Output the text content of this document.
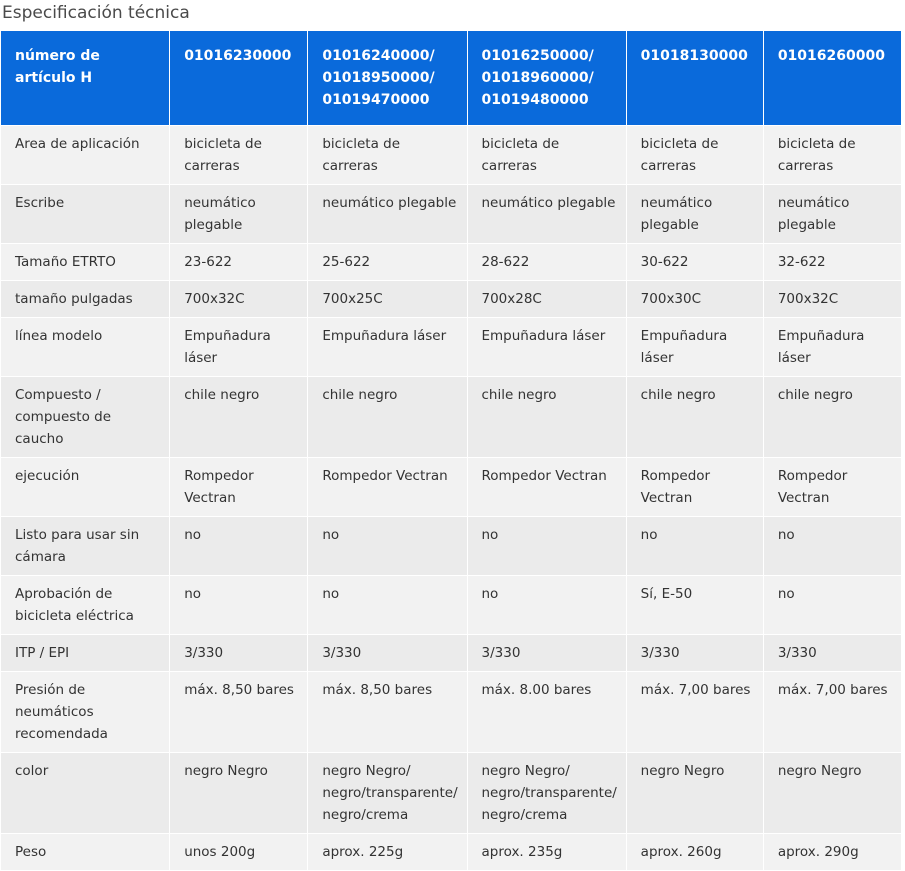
Especificación técnica
número de artículo H	01016230000	01016240000/ 01018950000/ 01019470000	01016250000/ 01018960000/ 01019480000	01018130000	01016260000
Area de aplicación	bicicleta de carreras	bicicleta de carreras	bicicleta de carreras	bicicleta de carreras	bicicleta de carreras
Escribe	neumático plegable	neumático plegable	neumático plegable	neumático plegable	neumático plegable
Tamaño ETRTO	23-622	25-622	28-622	30-622	32-622
tamaño pulgadas	700x32C	700x25C	700x28C	700x30C	700x32C
línea modelo	Empuñadura láser	Empuñadura láser	Empuñadura láser	Empuñadura láser	Empuñadura láser
Compuesto / compuesto de caucho	chile negro	chile negro	chile negro	chile negro	chile negro
ejecución	Rompedor Vectran	Rompedor Vectran	Rompedor Vectran	Rompedor Vectran	Rompedor Vectran
Listo para usar sin cámara	no	no	no	no	no
Aprobación de bicicleta eléctrica	no	no	no	Sí, E-50	no
ITP / EPI	3/330	3/330	3/330	3/330	3/330
Presión de neumáticos recomendada	máx. 8,50 bares	máx. 8,50 bares	máx. 8.00 bares	máx. 7,00 bares	máx. 7,00 bares
color	negro Negro	negro Negro/ negro/transparente/ negro/crema	negro Negro/ negro/transparente/ negro/crema	negro Negro	negro Negro
Peso	unos 200g	aprox. 225g	aprox. 235g	aprox. 260g	aprox. 290g
